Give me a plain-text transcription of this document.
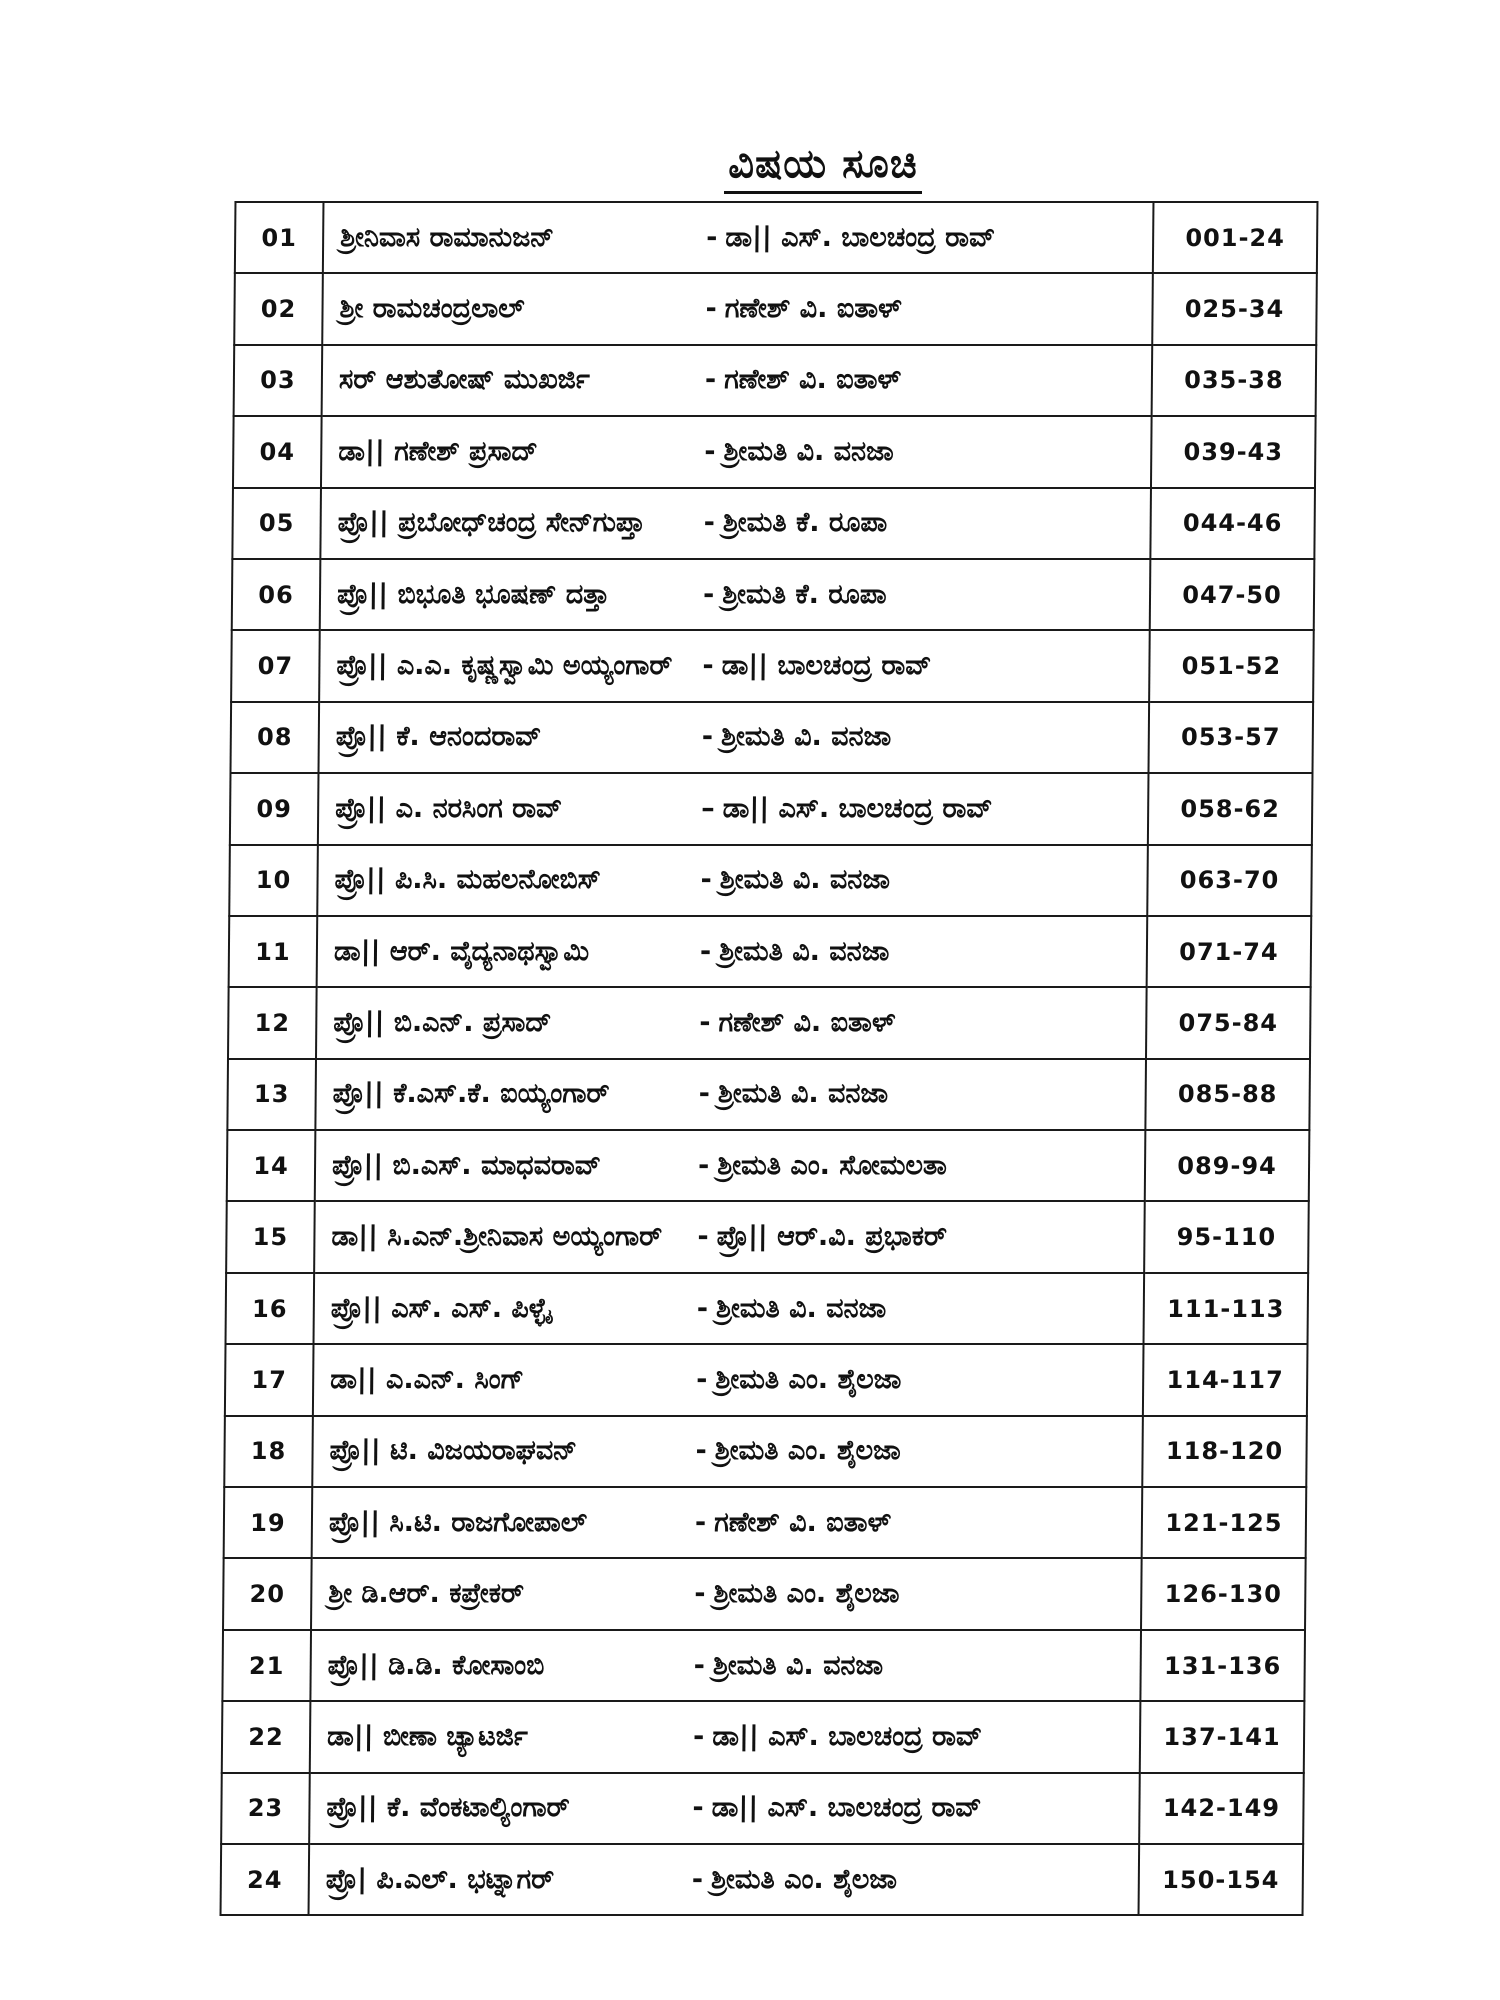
ವಿಷಯ ಸೂಚಿ
01	ಶ್ರೀನಿವಾಸ ರಾಮಾನುಜನ್ - ಡಾ|| ಎಸ್. ಬಾಲಚಂದ್ರ ರಾವ್	001-24
02	ಶ್ರೀ ರಾಮಚಂದ್ರಲಾಲ್ - ಗಣೇಶ್ ವಿ. ಐತಾಳ್	025-34
03	ಸರ್ ಆಶುತೋಷ್ ಮುಖರ್ಜಿ - ಗಣೇಶ್ ವಿ. ಐತಾಳ್	035-38
04	ಡಾ|| ಗಣೇಶ್ ಪ್ರಸಾದ್ - ಶ್ರೀಮತಿ ವಿ. ವನಜಾ	039-43
05	ಪ್ರೊ|| ಪ್ರಬೋಧ್‌ಚಂದ್ರ ಸೇನ್‌ಗುಪ್ತಾ - ಶ್ರೀಮತಿ ಕೆ. ರೂಪಾ	044-46
06	ಪ್ರೊ|| ಬಿಭೂತಿ ಭೂಷಣ್ ದತ್ತಾ - ಶ್ರೀಮತಿ ಕೆ. ರೂಪಾ	047-50
07	ಪ್ರೊ|| ಎ.ಎ. ಕೃಷ್ಣಸ್ವಾಮಿ ಅಯ್ಯಂಗಾರ್ - ಡಾ|| ಬಾಲಚಂದ್ರ ರಾವ್	051-52
08	ಪ್ರೊ|| ಕೆ. ಆನಂದರಾವ್ - ಶ್ರೀಮತಿ ವಿ. ವನಜಾ	053-57
09	ಪ್ರೊ|| ಎ. ನರಸಿಂಗ ರಾವ್ – ಡಾ|| ಎಸ್. ಬಾಲಚಂದ್ರ ರಾವ್	058-62
10	ಪ್ರೊ|| ಪಿ.ಸಿ. ಮಹಲನೋಬಿಸ್ - ಶ್ರೀಮತಿ ವಿ. ವನಜಾ	063-70
11	ಡಾ|| ಆರ್. ವೈದ್ಯನಾಥಸ್ವಾಮಿ - ಶ್ರೀಮತಿ ವಿ. ವನಜಾ	071-74
12	ಪ್ರೊ|| ಬಿ.ಎನ್. ಪ್ರಸಾದ್ - ಗಣೇಶ್ ವಿ. ಐತಾಳ್	075-84
13	ಪ್ರೊ|| ಕೆ.ಎಸ್.ಕೆ. ಐಯ್ಯಂಗಾರ್ - ಶ್ರೀಮತಿ ವಿ. ವನಜಾ	085-88
14	ಪ್ರೊ|| ಬಿ.ಎಸ್. ಮಾಧವರಾವ್ - ಶ್ರೀಮತಿ ಎಂ. ಸೋಮಲತಾ	089-94
15	ಡಾ|| ಸಿ.ಎನ್.ಶ್ರೀನಿವಾಸ ಅಯ್ಯಂಗಾರ್ - ಪ್ರೊ|| ಆರ್.ವಿ. ಪ್ರಭಾಕರ್	95-110
16	ಪ್ರೊ|| ಎಸ್. ಎಸ್. ಪಿಳ್ಳೈ - ಶ್ರೀಮತಿ ವಿ. ವನಜಾ	111-113
17	ಡಾ|| ಎ.ಎನ್. ಸಿಂಗ್ - ಶ್ರೀಮತಿ ಎಂ. ಶೈಲಜಾ	114-117
18	ಪ್ರೊ|| ಟಿ. ವಿಜಯರಾಘವನ್ - ಶ್ರೀಮತಿ ಎಂ. ಶೈಲಜಾ	118-120
19	ಪ್ರೊ|| ಸಿ.ಟಿ. ರಾಜಗೋಪಾಲ್ - ಗಣೇಶ್ ವಿ. ಐತಾಳ್	121-125
20	ಶ್ರೀ ಡಿ.ಆರ್. ಕಪ್ರೇಕರ್ - ಶ್ರೀಮತಿ ಎಂ. ಶೈಲಜಾ	126-130
21	ಪ್ರೊ|| ಡಿ.ಡಿ. ಕೋಸಾಂಬಿ - ಶ್ರೀಮತಿ ವಿ. ವನಜಾ	131-136
22	ಡಾ|| ಬೀಣಾ ಚ್ಯಾಟರ್ಜಿ - ಡಾ|| ಎಸ್. ಬಾಲಚಂದ್ರ ರಾವ್	137-141
23	ಪ್ರೊ|| ಕೆ. ವೆಂಕಟಾಲ್ಯಿಂಗಾರ್ - ಡಾ|| ಎಸ್. ಬಾಲಚಂದ್ರ ರಾವ್	142-149
24	ಪ್ರೊ| ಪಿ.ಎಲ್. ಭಟ್ನಾಗರ್ - ಶ್ರೀಮತಿ ಎಂ. ಶೈಲಜಾ	150-154
